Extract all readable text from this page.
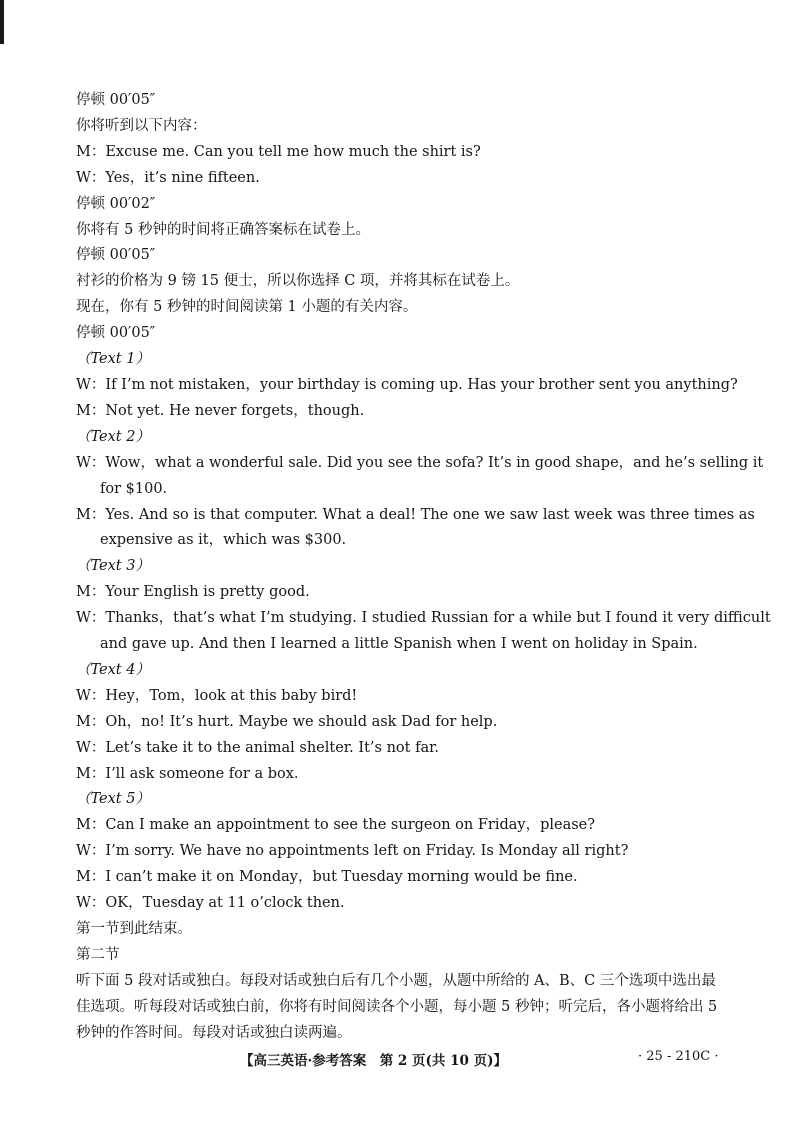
停顿 00′05″
你将听到以下内容：
M：Excuse me. Can you tell me how much the shirt is?
W：Yes，it’s nine fifteen.
停顿 00′02″
你将有 5 秒钟的时间将正确答案标在试卷上。
停顿 00′05″
衬衫的价格为 9 镑 15 便士，所以你选择 C 项，并将其标在试卷上。
现在，你有 5 秒钟的时间阅读第 1 小题的有关内容。
停顿 00′05″
（Text 1）
W：If I’m not mistaken，your birthday is coming up. Has your brother sent you anything?
M：Not yet. He never forgets，though.
（Text 2）
W：Wow，what a wonderful sale. Did you see the sofa? It’s in good shape，and he’s selling it
for $100.
M：Yes. And so is that computer. What a deal! The one we saw last week was three times as
expensive as it，which was $300.
（Text 3）
M：Your English is pretty good.
W：Thanks，that’s what I’m studying. I studied Russian for a while but I found it very difficult
and gave up. And then I learned a little Spanish when I went on holiday in Spain.
（Text 4）
W：Hey，Tom，look at this baby bird!
M：Oh，no! It’s hurt. Maybe we should ask Dad for help.
W：Let’s take it to the animal shelter. It’s not far.
M：I’ll ask someone for a box.
（Text 5）
M：Can I make an appointment to see the surgeon on Friday，please?
W：I’m sorry. We have no appointments left on Friday. Is Monday all right?
M：I can’t make it on Monday，but Tuesday morning would be fine.
W：OK，Tuesday at 11 o’clock then.
第一节到此结束。
第二节
听下面 5 段对话或独白。每段对话或独白后有几个小题，从题中所给的 A、B、C 三个选项中选出最佳选项。听每段对话或独白前，你将有时间阅读各个小题，每小题 5 秒钟；听完后，各小题将给出 5 秒钟的作答时间。每段对话或独白读两遍。
【高三英语·参考答案　第 2 页(共 10 页)】	· 25 - 210C ·
